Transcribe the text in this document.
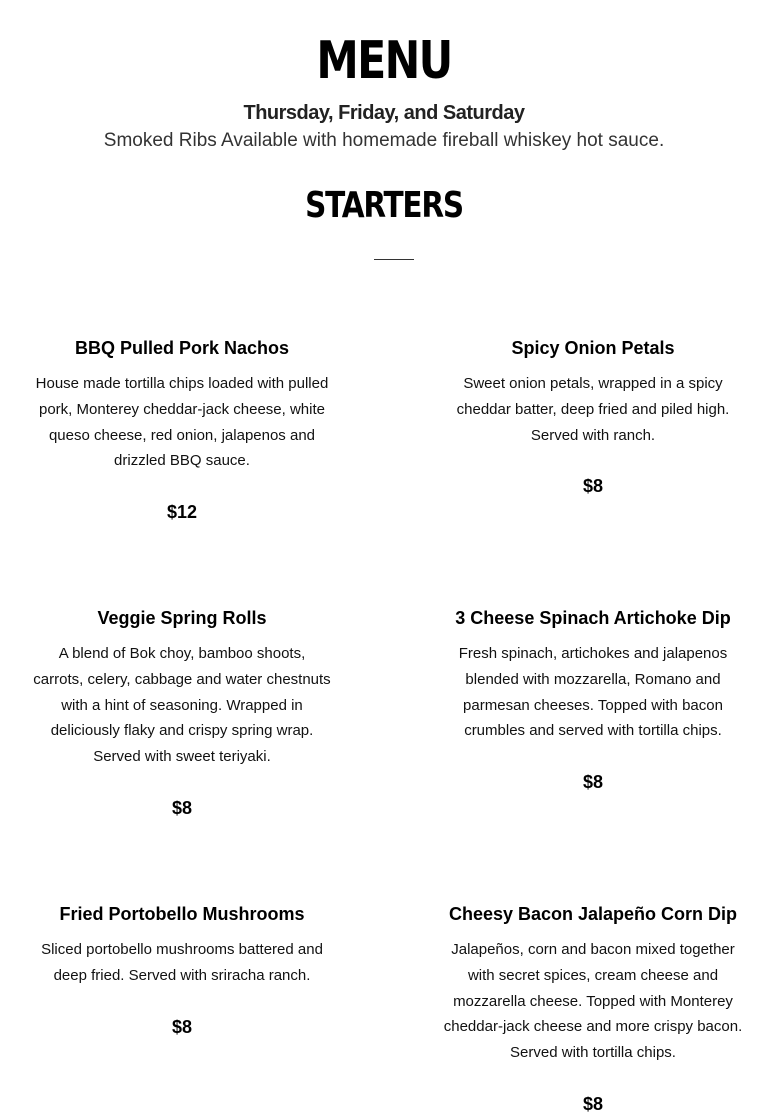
MENU
Thursday, Friday, and Saturday
Smoked Ribs Available with homemade fireball whiskey hot sauce.
STARTERS
BBQ Pulled Pork Nachos

House made tortilla chips loaded with pulled pork, Monterey cheddar-jack cheese, white queso cheese, red onion, jalapenos and drizzled BBQ sauce.

$12
Spicy Onion Petals

Sweet onion petals, wrapped in a spicy cheddar batter, deep fried and piled high. Served with ranch.

$8
Veggie Spring Rolls

A blend of Bok choy, bamboo shoots, carrots, celery, cabbage and water chestnuts with a hint of seasoning. Wrapped in deliciously flaky and crispy spring wrap. Served with sweet teriyaki.

$8
3 Cheese Spinach Artichoke Dip

Fresh spinach, artichokes and jalapenos blended with mozzarella, Romano and parmesan cheeses. Topped with bacon crumbles and served with tortilla chips.

$8
Fried Portobello Mushrooms

Sliced portobello mushrooms battered and deep fried. Served with sriracha ranch.

$8
Cheesy Bacon Jalapeño Corn Dip

Jalapeños, corn and bacon mixed together with secret spices, cream cheese and mozzarella cheese. Topped with Monterey cheddar-jack cheese and more crispy bacon. Served with tortilla chips.

$8
